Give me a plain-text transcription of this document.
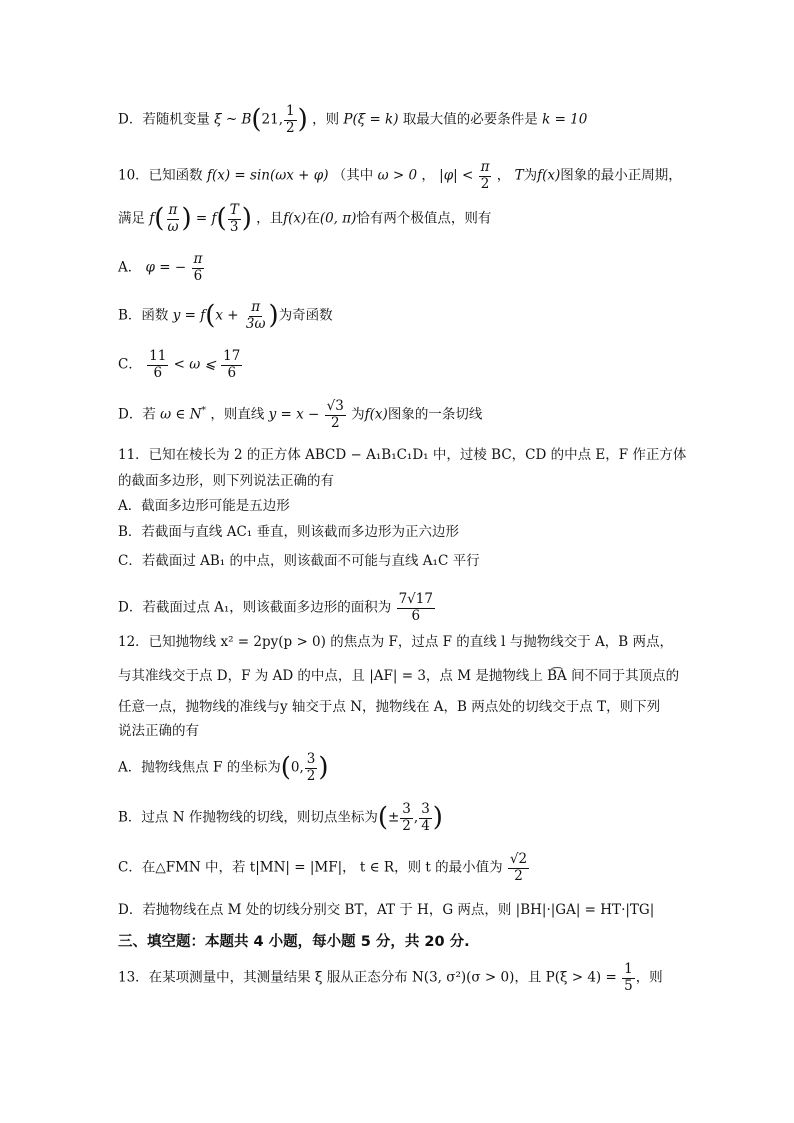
D．若随机变量 ξ ~ B(21, $\frac{1}{2}$ ) ，则 P(ξ = k) 取最大值的必要条件是 k = 10
10．已知函数 f(x) = sin(ωx + φ) （其中 ω > 0 ， $|\varphi| < \frac{\pi}{2}$ ， T为f(x)图象的最小正周期，
满足 $f( \frac{\pi}{\omega}$ ) = $f( \frac{T}{3}$ ) ，且f(x)在(0, π)恰有两个极值点，则有
A． φ = − $\frac{\pi}{6}$
B．函数 $y = f(x + \frac{\pi}{3\omega}$ )为奇函数
C． $\frac{11}{6} < \omega$ ⩽ $\frac{17}{6}$
D．若 ω ∈ N* ，则直线 $y = x - \frac{√3}{2}$ 为f(x)图象的一条切线
11．已知在棱长为 2 的正方体 ABCD − A₁B₁C₁D₁ 中，过棱 BC，CD 的中点 E，F 作正方体
的截面多边形，则下列说法正确的有
A．截面多边形可能是五边形
B．若截面与直线 AC₁ 垂直，则该截而多边形为正六边形
C．若截面过 AB₁ 的中点，则该截面不可能与直线 A₁C 平行
D．若截面过点 A₁，则该截面多边形的面积为 $\frac{7√17}{6}$
12．已知抛物线 x² = 2py(p > 0) 的焦点为 F，过点 F 的直线 l 与抛物线交于 A，B 两点，
与其准线交于点 D，F 为 AD 的中点，且 |AF| = 3，点 M 是抛物线上 B͡A 间不同于其顶点的
任意一点，抛物线的准线与y 轴交于点 N，抛物线在 A，B 两点处的切线交于点 T，则下列
说法正确的有
A．抛物线焦点 F 的坐标为(0, $\frac{3}{2}$ )
B．过点 N 作抛物线的切线，则切点坐标为(± $\frac{3}{2}$ , $\frac{3}{4}$ )
C．在△FMN 中，若 t|MN| = |MF|， t ∈ R，则 t 的最小值为 $\frac{√2}{2}$
D．若抛物线在点 M 处的切线分别交 BT，AT 于 H，G 两点，则 |BH|·|GA| = HT·|TG|
三、填空题：本题共 4 小题，每小题 5 分，共 20 分.
13．在某项测量中，其测量结果 ξ 服从正态分布 N(3, σ²)(σ > 0)，且 $P(\xi > 4) = \frac{1}{5}$ ，则
